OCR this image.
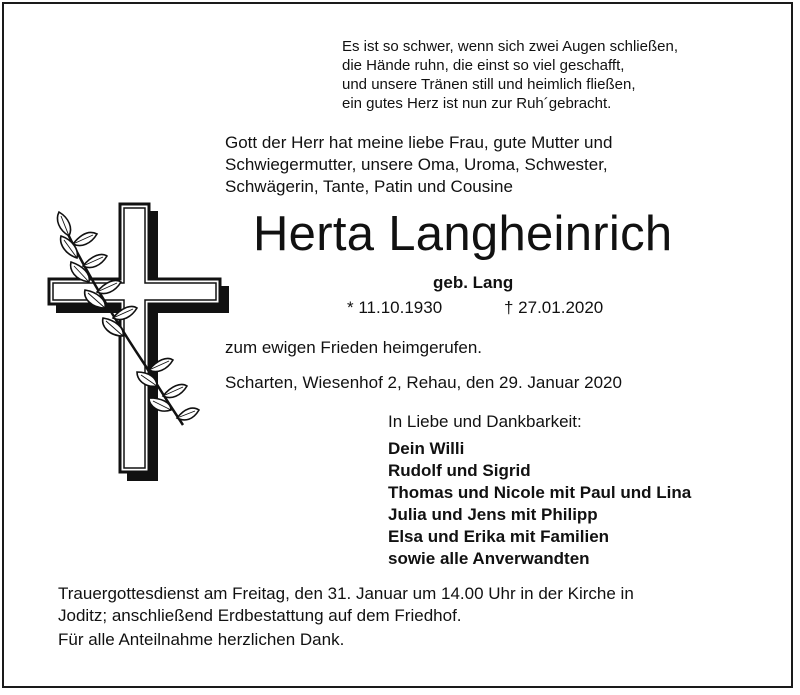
Es ist so schwer, wenn sich zwei Augen schließen,
die Hände ruhn, die einst so viel geschafft,
und unsere Tränen still und heimlich fließen,
ein gutes Herz ist nun zur Ruh´gebracht.
Gott der Herr hat meine liebe Frau, gute Mutter und
Schwiegermutter, unsere Oma, Uroma, Schwester,
Schwägerin, Tante, Patin und Cousine
Herta Langheinrich
geb. Lang
* 11.10.1930	† 27.01.2020
zum ewigen Frieden heimgerufen.
Scharten, Wiesenhof 2, Rehau, den 29. Januar 2020
In Liebe und Dankbarkeit:
Dein Willi
Rudolf und Sigrid
Thomas und Nicole mit Paul und Lina
Julia und Jens mit Philipp
Elsa und Erika mit Familien
sowie alle Anverwandten
Trauergottesdienst am Freitag, den 31. Januar um 14.00 Uhr in der Kirche in
Joditz; anschließend Erdbestattung auf dem Friedhof.
Für alle Anteilnahme herzlichen Dank.
